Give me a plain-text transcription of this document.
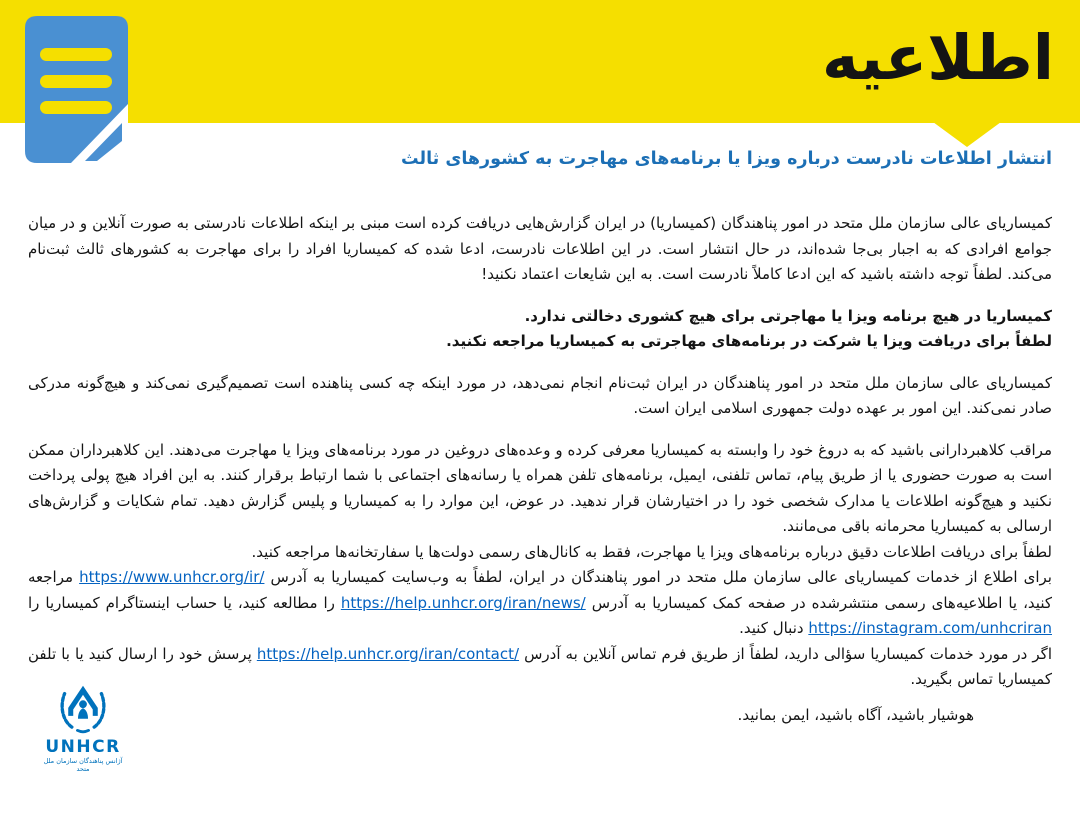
اطلاعیه
انتشار اطلاعات نادرست درباره ویزا یا برنامه‌های مهاجرت به کشورهای ثالث

کمیساریای عالی سازمان ملل متحد در امور پناهندگان (کمیساریا) در ایران گزارش‌هایی دریافت کرده است مبنی بر اینکه اطلاعات نادرستی به صورت آنلاین و در میان جوامع افرادی که به اجبار بی‌جا شده‌اند، در حال انتشار است. در این اطلاعات نادرست، ادعا شده که کمیساریا افراد را برای مهاجرت به کشورهای ثالث ثبت‌نام می‌کند. لطفاً توجه داشته باشید که این ادعا کاملاً نادرست است. به این شایعات اعتماد نکنید!

کمیساریا در هیچ برنامه ویزا یا مهاجرتی برای هیچ کشوری دخالتی ندارد.
لطفاً برای دریافت ویزا یا شرکت در برنامه‌های مهاجرتی به کمیساریا مراجعه نکنید.

کمیساریای عالی سازمان ملل متحد در امور پناهندگان در ایران ثبت‌نام انجام نمی‌دهد، در مورد اینکه چه کسی پناهنده است تصمیم‌گیری نمی‌کند و هیچ‌گونه مدرکی صادر نمی‌کند. این امور بر عهده دولت جمهوری اسلامی ایران است.

مراقب کلاهبردارانی باشید که به دروغ خود را وابسته به کمیساریا معرفی کرده و وعده‌های دروغین در مورد برنامه‌های ویزا یا مهاجرت می‌دهند. این کلاهبرداران ممکن است به صورت حضوری یا از طریق پیام، تماس تلفنی، ایمیل، برنامه‌های تلفن همراه یا رسانه‌های اجتماعی با شما ارتباط برقرار کنند. به این افراد هیچ پولی پرداخت نکنید و هیچ‌گونه اطلاعات یا مدارک شخصی خود را در اختیارشان قرار ندهید. در عوض، این موارد را به کمیساریا و پلیس گزارش دهید. تمام شکایات و گزارش‌های ارسالی به کمیساریا محرمانه باقی می‌مانند.

لطفاً برای دریافت اطلاعات دقیق درباره برنامه‌های ویزا یا مهاجرت، فقط به کانال‌های رسمی دولت‌ها یا سفارتخانه‌ها مراجعه کنید.

برای اطلاع از خدمات کمیساریای عالی سازمان ملل متحد در امور پناهندگان در ایران، لطفاً به وب‌سایت کمیساریا به آدرس https://www.unhcr.org/ir/ مراجعه کنید، یا اطلاعیه‌های رسمی منتشرشده در صفحه کمک کمیساریا به آدرس https://help.unhcr.org/iran/news/ را مطالعه کنید، یا حساب اینستاگرام کمیساریا را https://instagram.com/unhcriran دنبال کنید.

اگر در مورد خدمات کمیساریا سؤالی دارید، لطفاً از طریق فرم تماس آنلاین به آدرس https://help.unhcr.org/iran/contact/ پرسش خود را ارسال کنید یا با تلفن کمیساریا تماس بگیرید.

هوشیار باشید، آگاه باشید، ایمن بمانید.

UNHCR
آژانس پناهندگان سازمان ملل متحد
